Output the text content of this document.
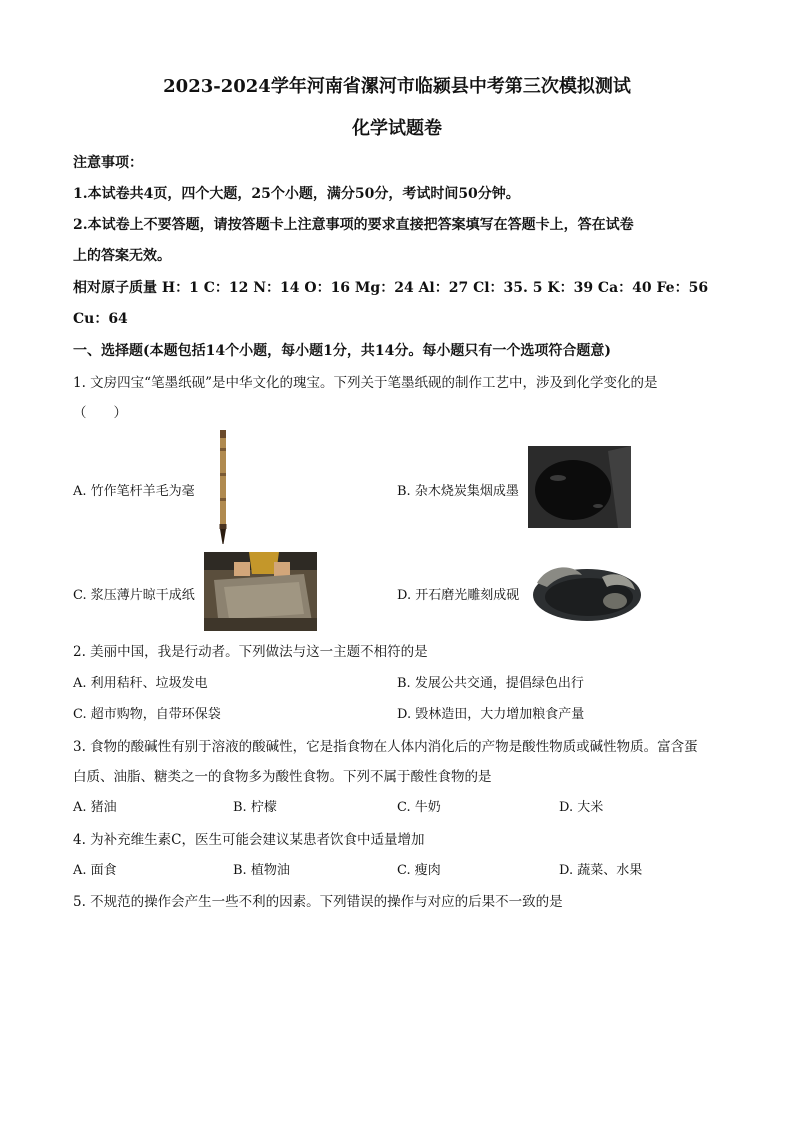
2023-2024学年河南省漯河市临颍县中考第三次模拟测试
化学试题卷
注意事项：
1.本试卷共4页，四个大题，25个小题，满分50分，考试时间50分钟。
2.本试卷上不要答题，请按答题卡上注意事项的要求直接把答案填写在答题卡上，答在试卷
上的答案无效。
相对原子质量 H：1 C：12 N：14 O：16 Mg：24 Al：27 Cl：35. 5 K：39 Ca：40 Fe：56
Cu：64
一、选择题(本题包括14个小题，每小题1分，共14分。每小题只有一个选项符合题意)
1. 文房四宝“笔墨纸砚”是中华文化的瑰宝。下列关于笔墨纸砚的制作工艺中，涉及到化学变化的是
（　　）
A. 竹作笔杆羊毛为毫	B. 杂木烧炭集烟成墨
C. 浆压薄片晾干成纸	D. 开石磨光雕刻成砚
2. 美丽中国，我是行动者。下列做法与这一主题不相符的是
A. 利用秸秆、垃圾发电	B. 发展公共交通，提倡绿色出行
C. 超市购物，自带环保袋	D. 毁林造田，大力增加粮食产量
3. 食物的酸碱性有别于溶液的酸碱性，它是指食物在人体内消化后的产物是酸性物质或碱性物质。富含蛋
白质、油脂、糖类之一的食物多为酸性食物。下列不属于酸性食物的是
A. 猪油	B. 柠檬	C. 牛奶	D. 大米
4. 为补充维生素C，医生可能会建议某患者饮食中适量增加
A. 面食	B. 植物油	C. 瘦肉	D. 蔬菜、水果
5. 不规范的操作会产生一些不利的因素。下列错误的操作与对应的后果不一致的是
